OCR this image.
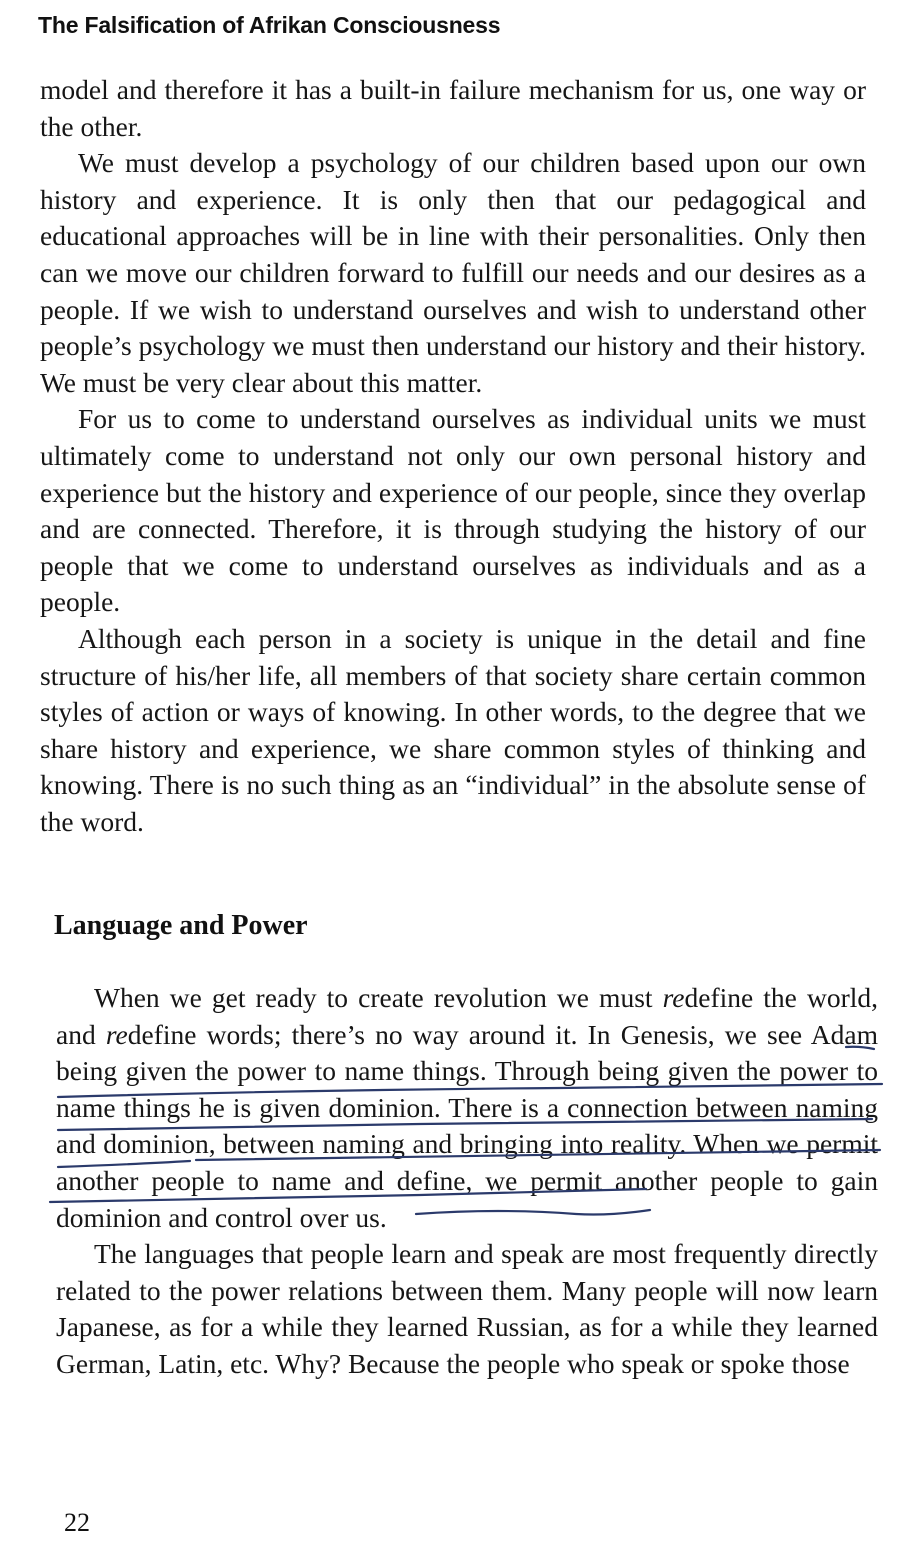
The Falsification of Afrikan Consciousness

model and therefore it has a built-in failure mechanism for us, one way or the other.

We must develop a psychology of our children based upon our own history and experience. It is only then that our pedagogical and educational approaches will be in line with their personalities. Only then can we move our children forward to fulfill our needs and our desires as a people. If we wish to understand ourselves and wish to understand other people’s psychology we must then understand our history and their history. We must be very clear about this matter.

For us to come to understand ourselves as individual units we must ultimately come to understand not only our own personal history and experience but the history and experience of our people, since they overlap and are connected. Therefore, it is through studying the history of our people that we come to understand ourselves as individuals and as a people.

Although each person in a society is unique in the detail and fine structure of his/her life, all members of that society share certain common styles of action or ways of knowing. In other words, to the degree that we share history and experience, we share common styles of thinking and knowing. There is no such thing as an “individual” in the absolute sense of the word.

Language and Power

When we get ready to create revolution we must redefine the world, and redefine words; there’s no way around it. In Genesis, we see Adam being given the power to name things. Through being given the power to name things he is given dominion. There is a connection between naming and dominion, between naming and bringing into reality. When we permit another people to name and define, we permit another people to gain dominion and control over us.

The languages that people learn and speak are most frequently directly related to the power relations between them. Many people will now learn Japanese, as for a while they learned Russian, as for a while they learned German, Latin, etc. Why? Because the people who speak or spoke those

22
